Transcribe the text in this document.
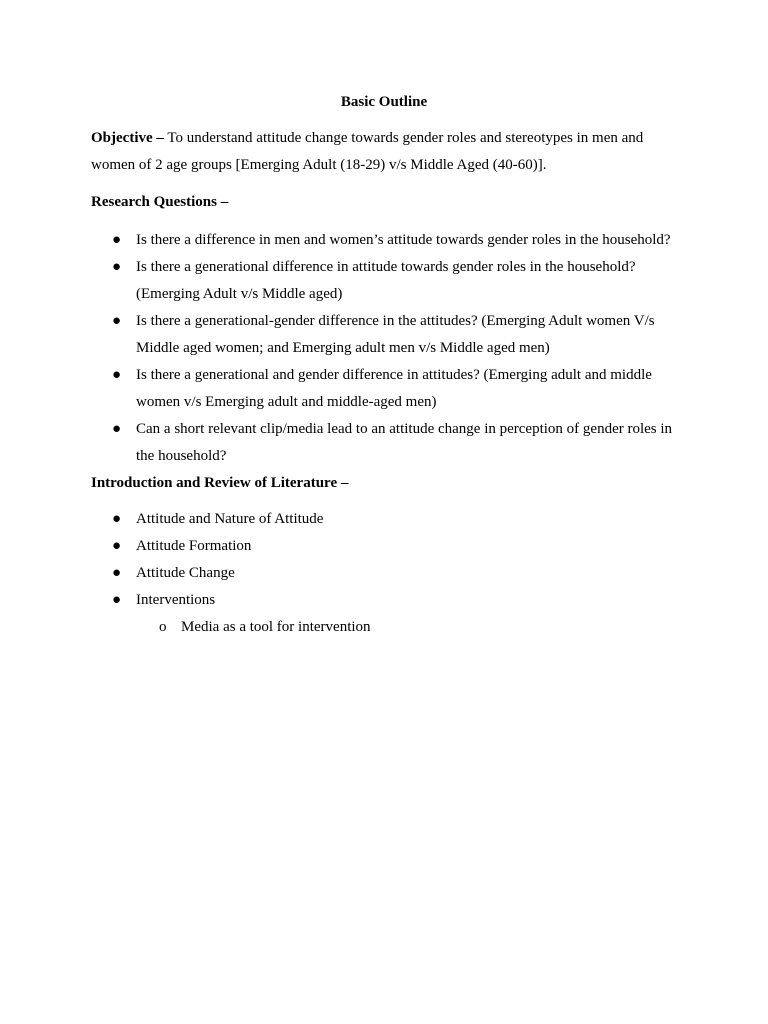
Basic Outline
Objective – To understand attitude change towards gender roles and stereotypes in men and women of 2 age groups [Emerging Adult (18-29) v/s Middle Aged (40-60)].
Research Questions –
● Is there a difference in men and women’s attitude towards gender roles in the household?
● Is there a generational difference in attitude towards gender roles in the household? (Emerging Adult v/s Middle aged)
● Is there a generational-gender difference in the attitudes? (Emerging Adult women V/s Middle aged women; and Emerging adult men v/s Middle aged men)
● Is there a generational and gender difference in attitudes? (Emerging adult and middle women v/s Emerging adult and middle-aged men)
● Can a short relevant clip/media lead to an attitude change in perception of gender roles in the household?
Introduction and Review of Literature –
● Attitude and Nature of Attitude
● Attitude Formation
● Attitude Change
● Interventions
o Media as a tool for intervention
